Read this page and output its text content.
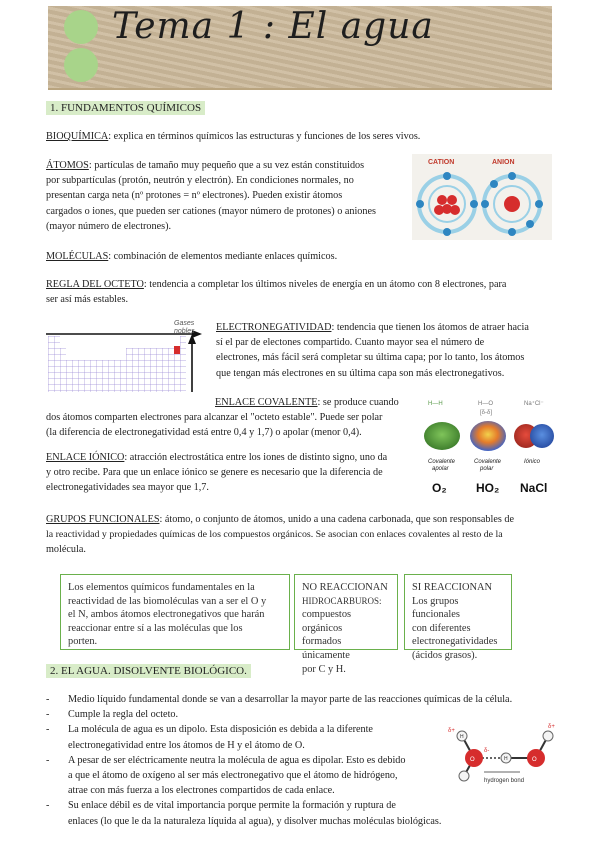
Tema 1 : El agua
1. FUNDAMENTOS QUÍMICOS
BIOQUÍMICA: explica en términos químicos las estructuras y funciones de los seres vivos.
ÁTOMOS: partículas de tamaño muy pequeño que a su vez están constituidos
por subpartículas (protón, neutrón y electrón). En condiciones normales, no
presentan carga neta (nº protones = nº electrones). Pueden existir átomos
cargados o iones, que pueden ser cationes (mayor número de protones) o aniones
(mayor número de electrones).
CATION	ANION
MOLÉCULAS: combinación de elementos mediante enlaces químicos.
REGLA DEL OCTETO: tendencia a completar los últimos niveles de energía en un átomo con 8 electrones, para
ser así más estables.
Gases
nobles ELECTRONEGATIVIDAD: tendencia que tienen los átomos de atraer hacia
sí el par de electones compartido. Cuanto mayor sea el número de
electrones, más fácil será completar su última capa; por lo tanto, los átomos
que tengan más electrones en su última capa son más electronegativos.
ENLACE COVALENTE: se produce cuando
dos átomos comparten electrones para alcanzar el "octeto estable". Puede ser polar
(la diferencia de electronegatividad está entre 0,4 y 1,7) o apolar (menor 0,4).
H—H	H—O
[δ-δ]
Na⁺Cl⁻
Covalente
apolar
Covalente
polar
Iónico
O₂ HO₂ NaCl
ENLACE IÓNICO: atracción electrostática entre los iones de distinto signo, uno da
y otro recibe. Para que un enlace iónico se genere es necesario que la diferencia de
electronegatividades sea mayor que 1,7.
GRUPOS FUNCIONALES: átomo, o conjunto de átomos, unido a una cadena carbonada, que son responsables de
la reactividad y propiedades químicas de los compuestos orgánicos. Se asocian con enlaces covalentes al resto de la
molécula.
Los elementos químicos fundamentales en la
reactividad de las biomoléculas van a ser el O y
el N, ambos átomos electronegativos que harán
reaccionar entre sí a las moléculas que los
porten.
NO REACCIONAN
HIDROCARBUROS:
compuestos orgánicos
formados únicamente
por C y H.
SI REACCIONAN
Los grupos funcionales
con diferentes
electronegatividades
(ácidos grasos).
2. EL AGUA. DISOLVENTE BIOLÓGICO.
-	Medio líquido fundamental donde se van a desarrollar la mayor parte de las reacciones químicas de la célula.
-	Cumple la regla del octeto.
-	La molécula de agua es un dipolo. Esta disposición es debida a la diferente
electronegatividad entre los átomos de H y el átomo de O.
-	A pesar de ser eléctricamente neutra la molécula de agua es dipolar. Esto es debido
a que el átomo de oxígeno al ser más electronegativo que el átomo de hidrógeno,
atrae con más fuerza a los electrones compartidos de cada enlace.
-	Su enlace débil es de vital importancia porque permite la formación y ruptura de
enlaces (lo que le da la naturaleza líquida al agua), y disolver muchas moléculas biológicas.
O	O
H
H
δ+
δ-
δ+
hydrogen bond
